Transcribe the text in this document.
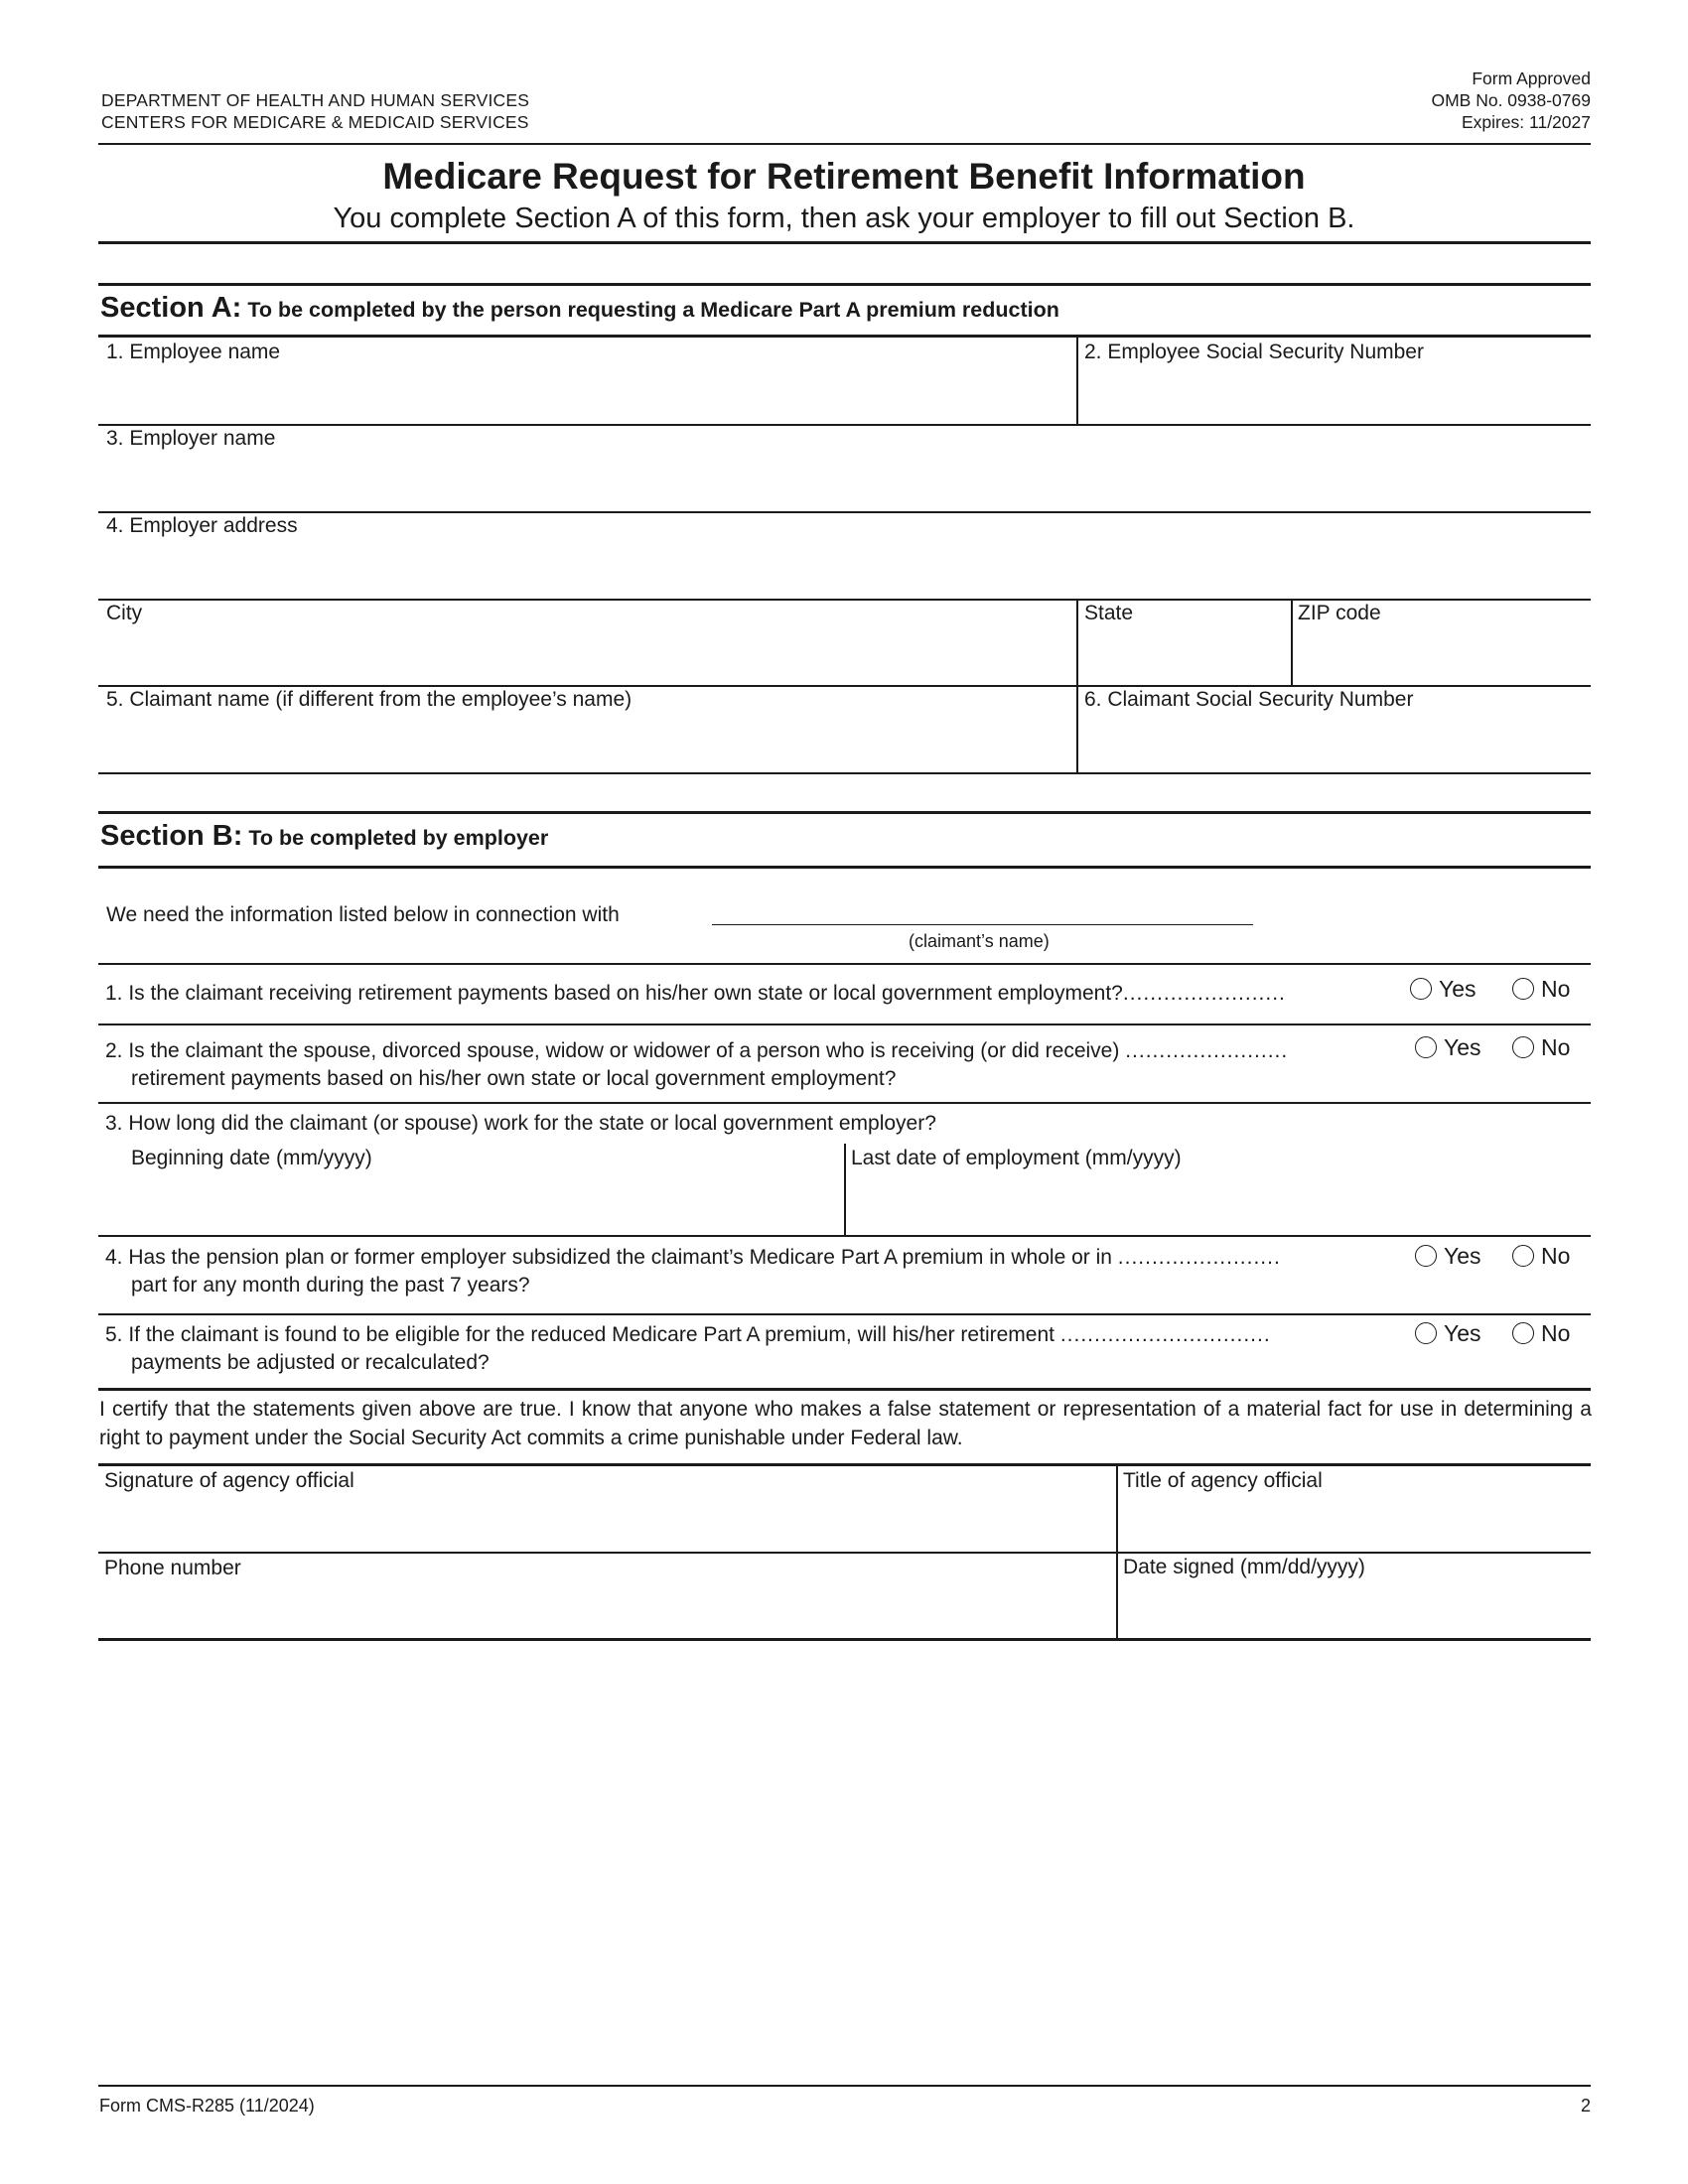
DEPARTMENT OF HEALTH AND HUMAN SERVICES
CENTERS FOR MEDICARE & MEDICAID SERVICES
Form Approved
OMB No. 0938-0769
Expires: 11/2027
Medicare Request for Retirement Benefit Information
You complete Section A of this form, then ask your employer to fill out Section B.
Section A: To be completed by the person requesting a Medicare Part A premium reduction
1. Employee name	2. Employee Social Security Number
3. Employer name
4. Employer address
City	State	ZIP code
5. Claimant name (if different from the employee’s name)	6. Claimant Social Security Number
Section B: To be completed by employer
We need the information listed below in connection with
(claimant’s name)
1. Is the claimant receiving retirement payments based on his/her own state or local government employment?........................	Yes	No
2. Is the claimant the spouse, divorced spouse, widow or widower of a person who is receiving (or did receive) ........................
retirement payments based on his/her own state or local government employment?
Yes	No
3. How long did the claimant (or spouse) work for the state or local government employer?
Beginning date (mm/yyyy)	Last date of employment (mm/yyyy)
4. Has the pension plan or former employer subsidized the claimant’s Medicare Part A premium in whole or in ........................
part for any month during the past 7 years?
Yes	No
5. If the claimant is found to be eligible for the reduced Medicare Part A premium, will his/her retirement ...............................
payments be adjusted or recalculated?
Yes	No
I certify that the statements given above are true. I know that anyone who makes a false statement or representation of a material fact for use in determining a right to payment under the Social Security Act commits a crime punishable under Federal law.
Signature of agency official	Title of agency official
Phone number	Date signed (mm/dd/yyyy)
Form CMS-R285 (11/2024)	2
